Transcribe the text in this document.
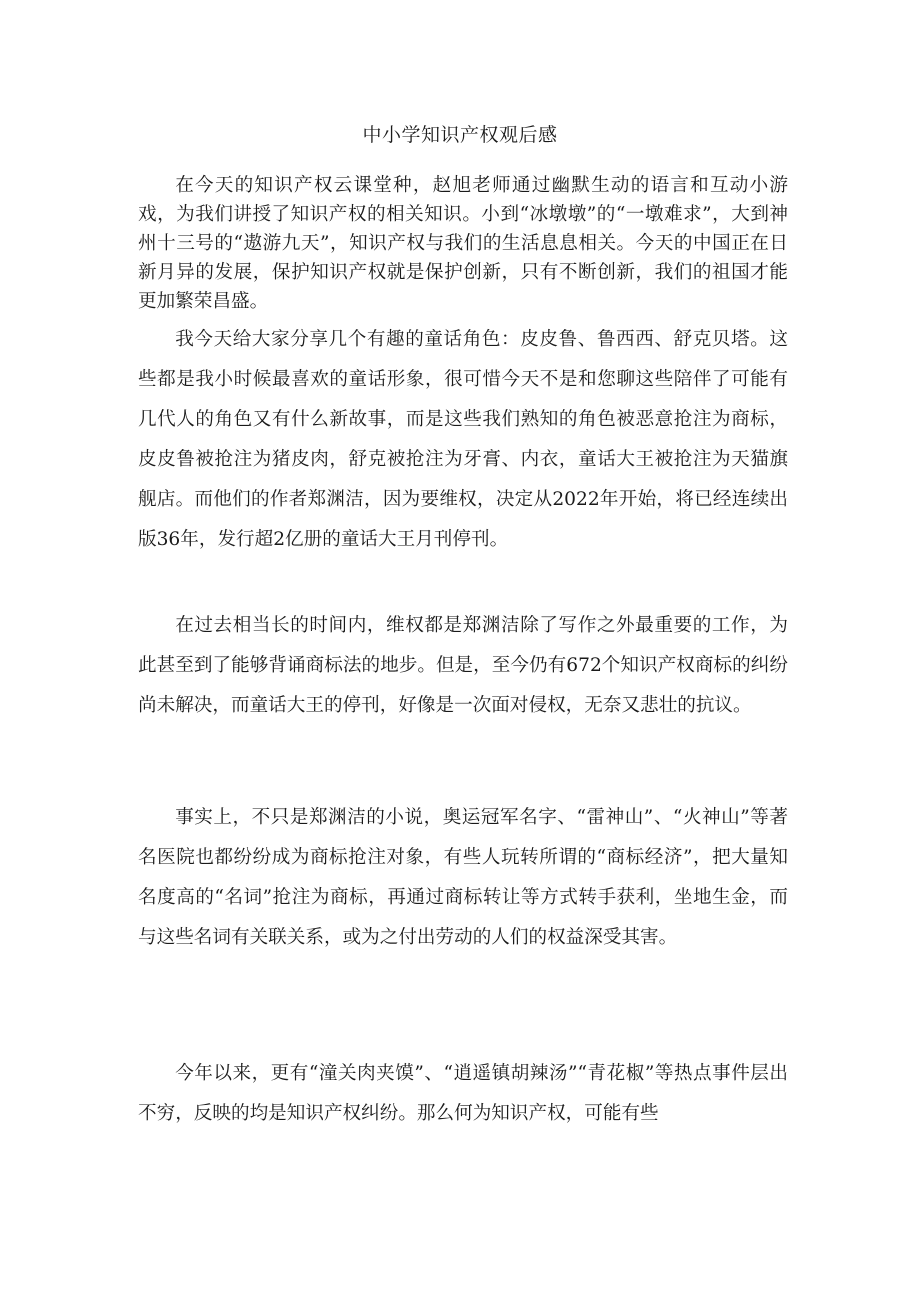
中小学知识产权观后感

在今天的知识产权云课堂种，赵旭老师通过幽默生动的语言和互动小游戏，为我们讲授了知识产权的相关知识。小到“冰墩墩”的“一墩难求”，大到神州十三号的“遨游九天”，知识产权与我们的生活息息相关。今天的中国正在日新月异的发展，保护知识产权就是保护创新，只有不断创新，我们的祖国才能更加繁荣昌盛。

我今天给大家分享几个有趣的童话角色：皮皮鲁、鲁西西、舒克贝塔。这些都是我小时候最喜欢的童话形象，很可惜今天不是和您聊这些陪伴了可能有几代人的角色又有什么新故事，而是这些我们熟知的角色被恶意抢注为商标，皮皮鲁被抢注为猪皮肉，舒克被抢注为牙膏、内衣，童话大王被抢注为天猫旗舰店。而他们的作者郑渊洁，因为要维权，决定从2022年开始，将已经连续出版36年，发行超2亿册的童话大王月刊停刊。

在过去相当长的时间内，维权都是郑渊洁除了写作之外最重要的工作，为此甚至到了能够背诵商标法的地步。但是，至今仍有672个知识产权商标的纠纷尚未解决，而童话大王的停刊，好像是一次面对侵权，无奈又悲壮的抗议。

事实上，不只是郑渊洁的小说，奥运冠军名字、“雷神山”、“火神山”等著名医院也都纷纷成为商标抢注对象，有些人玩转所谓的“商标经济”，把大量知名度高的“名词”抢注为商标，再通过商标转让等方式转手获利，坐地生金，而与这些名词有关联关系，或为之付出劳动的人们的权益深受其害。

今年以来，更有“潼关肉夹馍”、“逍遥镇胡辣汤”“青花椒”等热点事件层出不穷，反映的均是知识产权纠纷。那么何为知识产权，可能有些
